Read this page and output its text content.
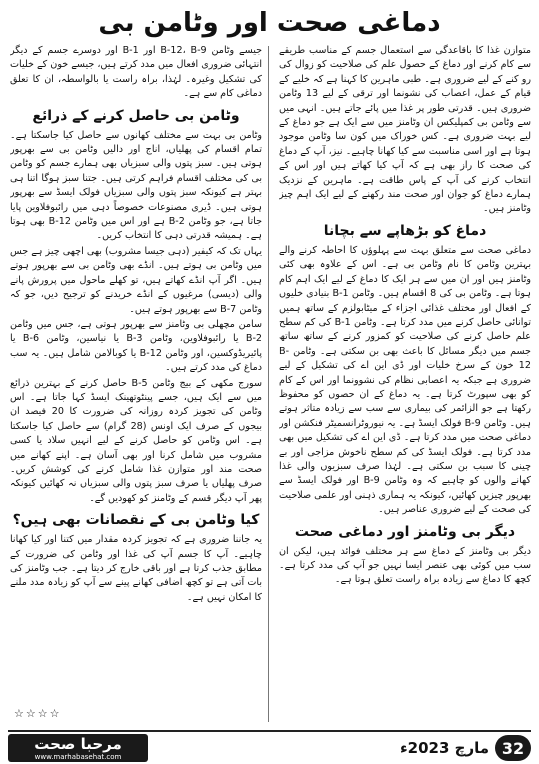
دماغی صحت اور وٹامن بی

متوازن غذا کا باقاعدگی سے استعمال جسم کے مناسب طریقے سے کام کرنے اور دماغ کے حصول علم کی صلاحیت کو زوال کی رو کنے کے لیے ضروری ہے۔ طبی ماہرین کا کہنا ہے کہ خلیے کے قیام کے عمل، اعصاب کی نشونما اور ترقی کے لیے 13 وٹامن ضروری ہیں۔ قدرتی طور پر غذا میں پائے جاتے ہیں۔ انہی میں سے وٹامن بی کمپلیکس ان وٹامنز میں سے ایک ہے جو دماغ کے لیے بہت ضروری ہے۔ کس خوراک میں کون سا وٹامن موجود ہوتا ہے اور اسی مناسبت سے کیا کھانا چاہیے۔ نیز، آپ کے دماغ کی صحت کا راز بھی ہے کہ آپ کیا کھاتے ہیں اور اس کے انتخاب کرنے کی آپ کے پاس طاقت ہے۔ ماہرین کے نزدیک ہمارے دماغ کو جوان اور صحت مند رکھنے کے لیے ایک اہم چیز وٹامنز ہیں۔

دماغ کو بڑھاپے سے بچانا

دماغی صحت سے متعلق بہت سے پہلوؤں کا احاطہ کرنے والے بہترین وٹامن کا نام وٹامن بی ہے۔ اس کے علاوہ بھی کئی وٹامنز ہیں اور ان میں سے ہر ایک کا دماغ کے لیے ایک اہم کام ہوتا ہے۔ وٹامن بی کی 8 اقسام ہیں۔ وٹامن B-1 بنیادی خلیوں کے افعال اور مختلف غذائی اجزاء کے میٹابولزم کے ساتھ ہمیں توانائی حاصل کرنے میں مدد کرتا ہے۔ وٹامن B-1 کی کم سطح علم حاصل کرنے کی صلاحیت کو کمزور کرنے کے ساتھ ساتھ جسم میں دیگر مسائل کا باعث بھی بن سکتی ہے۔ وٹامن B-12 خون کے سرخ خلیات اور ڈی این اے کی تشکیل کے لیے ضروری ہے جبکہ یہ اعصابی نظام کی نشوونما اور اس کے کام کو بھی سپورٹ کرتا ہے۔ یہ دماغ کے ان حصوں کو محفوظ رکھتا ہے جو الزائمر کی بیماری سے سب سے زیادہ متاثر ہوتے ہیں۔ وٹامن B-9 فولک ایسڈ ہے۔ یہ نیوروٹرانسمیٹر فنکشن اور دماغی صحت میں مدد کرتا ہے۔ ڈی این اے کی تشکیل میں بھی مدد کرتا ہے۔ فولک ایسڈ کی کم سطح ناخوش مزاجی اور بے چینی کا سبب بن سکتی ہے۔ لہٰذا صرف سبزیوں والی غذا کھانے والوں کو چاہیے کہ وہ وٹامن B-9 اور فولک ایسڈ سے بھرپور چیزیں کھائیں، کیونکہ یہ ہماری ذہنی اور علمی صلاحیت کی صحت کے لیے ضروری عناصر ہیں۔

دیگر بی وٹامنز اور دماغی صحت

دیگر بی وٹامنز کے دماغ سے ہر مختلف فوائد ہیں، لیکن ان سب میں کوئی بھی عنصر ایسا نہیں جو آپ کی مدد کرتا ہے۔ کچھ کا دماغ سے زیادہ براہ راست تعلق ہوتا ہے۔

جیسے وٹامن B-12، B-9 اور B-1 اور دوسرے جسم کے دیگر انتہائی ضروری افعال میں مدد کرتے ہیں، جیسے خون کے خلیات کی تشکیل وغیرہ۔ لہٰذا، براہ راست یا بالواسطہ، ان کا تعلق دماغی کام سے ہے۔

وٹامن بی حاصل کرنے کے ذرائع

وٹامن بی بہت سے مختلف کھانوں سے حاصل کیا جاسکتا ہے۔ تمام اقسام کی پھلیاں، اناج اور دالیں وٹامن بی سے بھرپور ہوتی ہیں۔ سبز پتوں والی سبزیاں بھی ہمارے جسم کو وٹامن بی کی مختلف اقسام فراہم کرتی ہیں۔ جتنا سبز ہوگا اتنا ہی بہتر ہے کیونکہ سبز پتوں والی سبزیاں فولک ایسڈ سے بھرپور ہوتی ہیں۔ ڈیری مصنوعات خصوصاً دہی میں رائبوفلاوین پایا جاتا ہے، جو وٹامن B-2 ہے اور اس میں وٹامن B-12 بھی ہوتا ہے۔ ہمیشہ قدرتی دہی کا انتخاب کریں۔

یہاں تک کہ کیفیر (دہی جیسا مشروب) بھی اچھی چیز ہے جس میں وٹامن بی ہوتے ہیں۔ انڈے بھی وٹامن بی سے بھرپور ہوتے ہیں۔ اگر آپ انڈے کھاتے ہیں، تو کھلے ماحول میں پرورش پانے والی (دیسی) مرغیوں کے انڈے خریدنے کو ترجیح دیں، جو کہ وٹامن B-7 سے بھرپور ہوتے ہیں۔

سامن مچھلی بی وٹامنز سے بھرپور ہوتی ہے، جس میں وٹامن B-2 یا رائبوفلاوین، وٹامن B-3 یا نیاسین، وٹامن B-6 یا پائیریڈوکسین، اور وٹامن B-12 یا کوبالامن شامل ہیں۔ یہ سب دماغ کی مدد کرتے ہیں۔

سورج مکھی کے بیج وٹامن B-5 حاصل کرنے کے بہترین ذرائع میں سے ایک ہیں، جسے پینٹوتھینک ایسڈ کہا جاتا ہے۔ اس وٹامن کی تجویز کردہ روزانہ کی ضرورت کا 20 فیصد ان بیجوں کے صرف ایک اونس (28 گرام) سے حاصل کیا جاسکتا ہے۔ اس وٹامن کو حاصل کرنے کے لیے انہیں سلاد یا کسی مشروب میں شامل کرنا اور بھی آسان ہے۔ اپنے کھانے میں صحت مند اور متوازن غذا شامل کرنے کی کوشش کریں۔ صرف پھلیاں یا صرف سبز پتوں والی سبزیاں نہ کھائیں کیونکہ پھر آپ دیگر قسم کے وٹامنز کو کھودیں گے۔

کیا وٹامن بی کے نقصانات بھی ہیں؟

یہ جاننا ضروری ہے کہ تجویز کردہ مقدار میں کتنا اور کیا کھانا چاہیے۔ آپ کا جسم آپ کی غذا اور وٹامن کی ضرورت کے مطابق جذب کرتا ہے اور باقی خارج کر دیتا ہے۔ جب وٹامنز کی بات آتی ہے تو کچھ اضافی کھانے پینے سے آپ کو زیادہ مدد ملنے کا امکان نہیں ہے۔

☆☆☆☆
مرحبا صحت
www.marhabasehat.com	مارچ 2023ء 32
